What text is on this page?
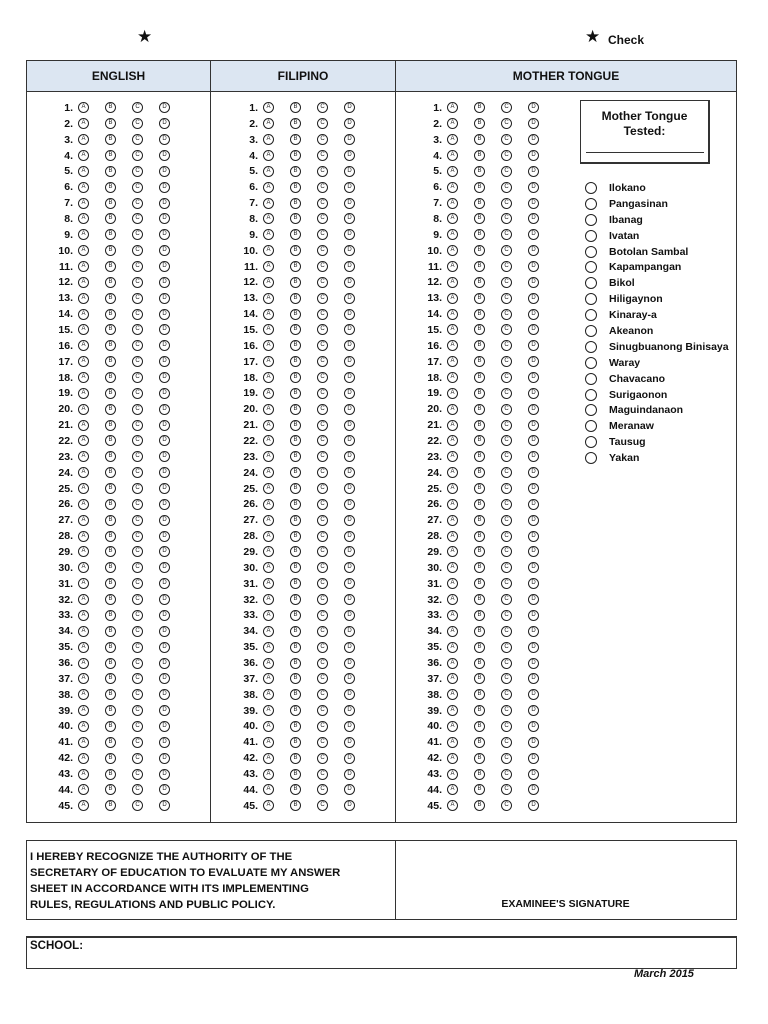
★	★ Check
ENGLISH	FILIPINO	MOTHER TONGUE
1.	A	B	C	D
2.	A	B	C	D
3.	A	B	C	D
4.	A	B	C	D
5.	A	B	C	D
6.	A	B	C	D
7.	A	B	C	D
8.	A	B	C	D
9.	A	B	C	D
10.	A	B	C	D
11.	A	B	C	D
12.	A	B	C	D
13.	A	B	C	D
14.	A	B	C	D
15.	A	B	C	D
16.	A	B	C	D
17.	A	B	C	D
18.	A	B	C	D
19.	A	B	C	D
20.	A	B	C	D
21.	A	B	C	D
22.	A	B	C	D
23.	A	B	C	D
24.	A	B	C	D
25.	A	B	C	D
26.	A	B	C	D
27.	A	B	C	D
28.	A	B	C	D
29.	A	B	C	D
30.	A	B	C	D
31.	A	B	C	D
32.	A	B	C	D
33.	A	B	C	D
34.	A	B	C	D
35.	A	B	C	D
36.	A	B	C	D
37.	A	B	C	D
38.	A	B	C	D
39.	A	B	C	D
40.	A	B	C	D
41.	A	B	C	D
42.	A	B	C	D
43.	A	B	C	D
44.	A	B	C	D
45.	A	B	C	D
1.	A	B	C	D
2.	A	B	C	D
3.	A	B	C	D
4.	A	B	C	D
5.	A	B	C	D
6.	A	B	C	D
7.	A	B	C	D
8.	A	B	C	D
9.	A	B	C	D
10.	A	B	C	D
11.	A	B	C	D
12.	A	B	C	D
13.	A	B	C	D
14.	A	B	C	D
15.	A	B	C	D
16.	A	B	C	D
17.	A	B	C	D
18.	A	B	C	D
19.	A	B	C	D
20.	A	B	C	D
21.	A	B	C	D
22.	A	B	C	D
23.	A	B	C	D
24.	A	B	C	D
25.	A	B	C	D
26.	A	B	C	D
27.	A	B	C	D
28.	A	B	C	D
29.	A	B	C	D
30.	A	B	C	D
31.	A	B	C	D
32.	A	B	C	D
33.	A	B	C	D
34.	A	B	C	D
35.	A	B	C	D
36.	A	B	C	D
37.	A	B	C	D
38.	A	B	C	D
39.	A	B	C	D
40.	A	B	C	D
41.	A	B	C	D
42.	A	B	C	D
43.	A	B	C	D
44.	A	B	C	D
45.	A	B	C	D
1.	A	B	C	D
2.	A	B	C	D
3.	A	B	C	D
4.	A	B	C	D
5.	A	B	C	D
6.	A	B	C	D
7.	A	B	C	D
8.	A	B	C	D
9.	A	B	C	D
10.	A	B	C	D
11.	A	B	C	D
12.	A	B	C	D
13.	A	B	C	D
14.	A	B	C	D
15.	A	B	C	D
16.	A	B	C	D
17.	A	B	C	D
18.	A	B	C	D
19.	A	B	C	D
20.	A	B	C	D
21.	A	B	C	D
22.	A	B	C	D
23.	A	B	C	D
24.	A	B	C	D
25.	A	B	C	D
26.	A	B	C	D
27.	A	B	C	D
28.	A	B	C	D
29.	A	B	C	D
30.	A	B	C	D
31.	A	B	C	D
32.	A	B	C	D
33.	A	B	C	D
34.	A	B	C	D
35.	A	B	C	D
36.	A	B	C	D
37.	A	B	C	D
38.	A	B	C	D
39.	A	B	C	D
40.	A	B	C	D
41.	A	B	C	D
42.	A	B	C	D
43.	A	B	C	D
44.	A	B	C	D
45.	A	B	C	D
Mother Tongue Tested:
Ilokano
Pangasinan
Ibanag
Ivatan
Botolan Sambal
Kapampangan
Bikol
Hiligaynon
Kinaray-a
Akeanon
Sinugbuanong Binisaya
Waray
Chavacano
Surigaonon
Maguindanaon
Meranaw
Tausug
Yakan
I HEREBY RECOGNIZE THE AUTHORITY OF THE
SECRETARY OF EDUCATION TO EVALUATE MY ANSWER
SHEET IN ACCORDANCE WITH ITS IMPLEMENTING
RULES, REGULATIONS AND PUBLIC POLICY.	EXAMINEE'S SIGNATURE
SCHOOL:
March 2015
